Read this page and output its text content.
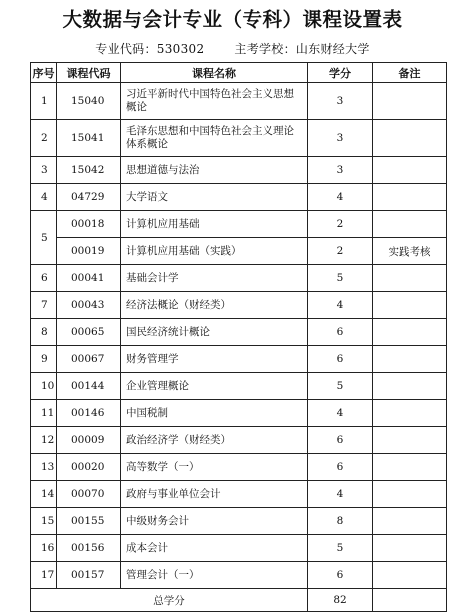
大数据与会计专业（专科）课程设置表
专业代码：530302	主考学校：山东财经大学
序号	课程代码	课程名称	学分	备注
1	15040	习近平新时代中国特色社会主义思想概论	3	
2	15041	毛泽东思想和中国特色社会主义理论体系概论	3	
3	15042	思想道德与法治	3	
4	04729	大学语文	4	
5	00018	计算机应用基础	2	
	00019	计算机应用基础（实践）	2	实践考核
6	00041	基础会计学	5	
7	00043	经济法概论（财经类）	4	
8	00065	国民经济统计概论	6	
9	00067	财务管理学	6	
10	00144	企业管理概论	5	
11	00146	中国税制	4	
12	00009	政治经济学（财经类）	6	
13	00020	高等数学（一）	6	
14	00070	政府与事业单位会计	4	
15	00155	中级财务会计	8	
16	00156	成本会计	5	
17	00157	管理会计（一）	6	
总学分			82	
